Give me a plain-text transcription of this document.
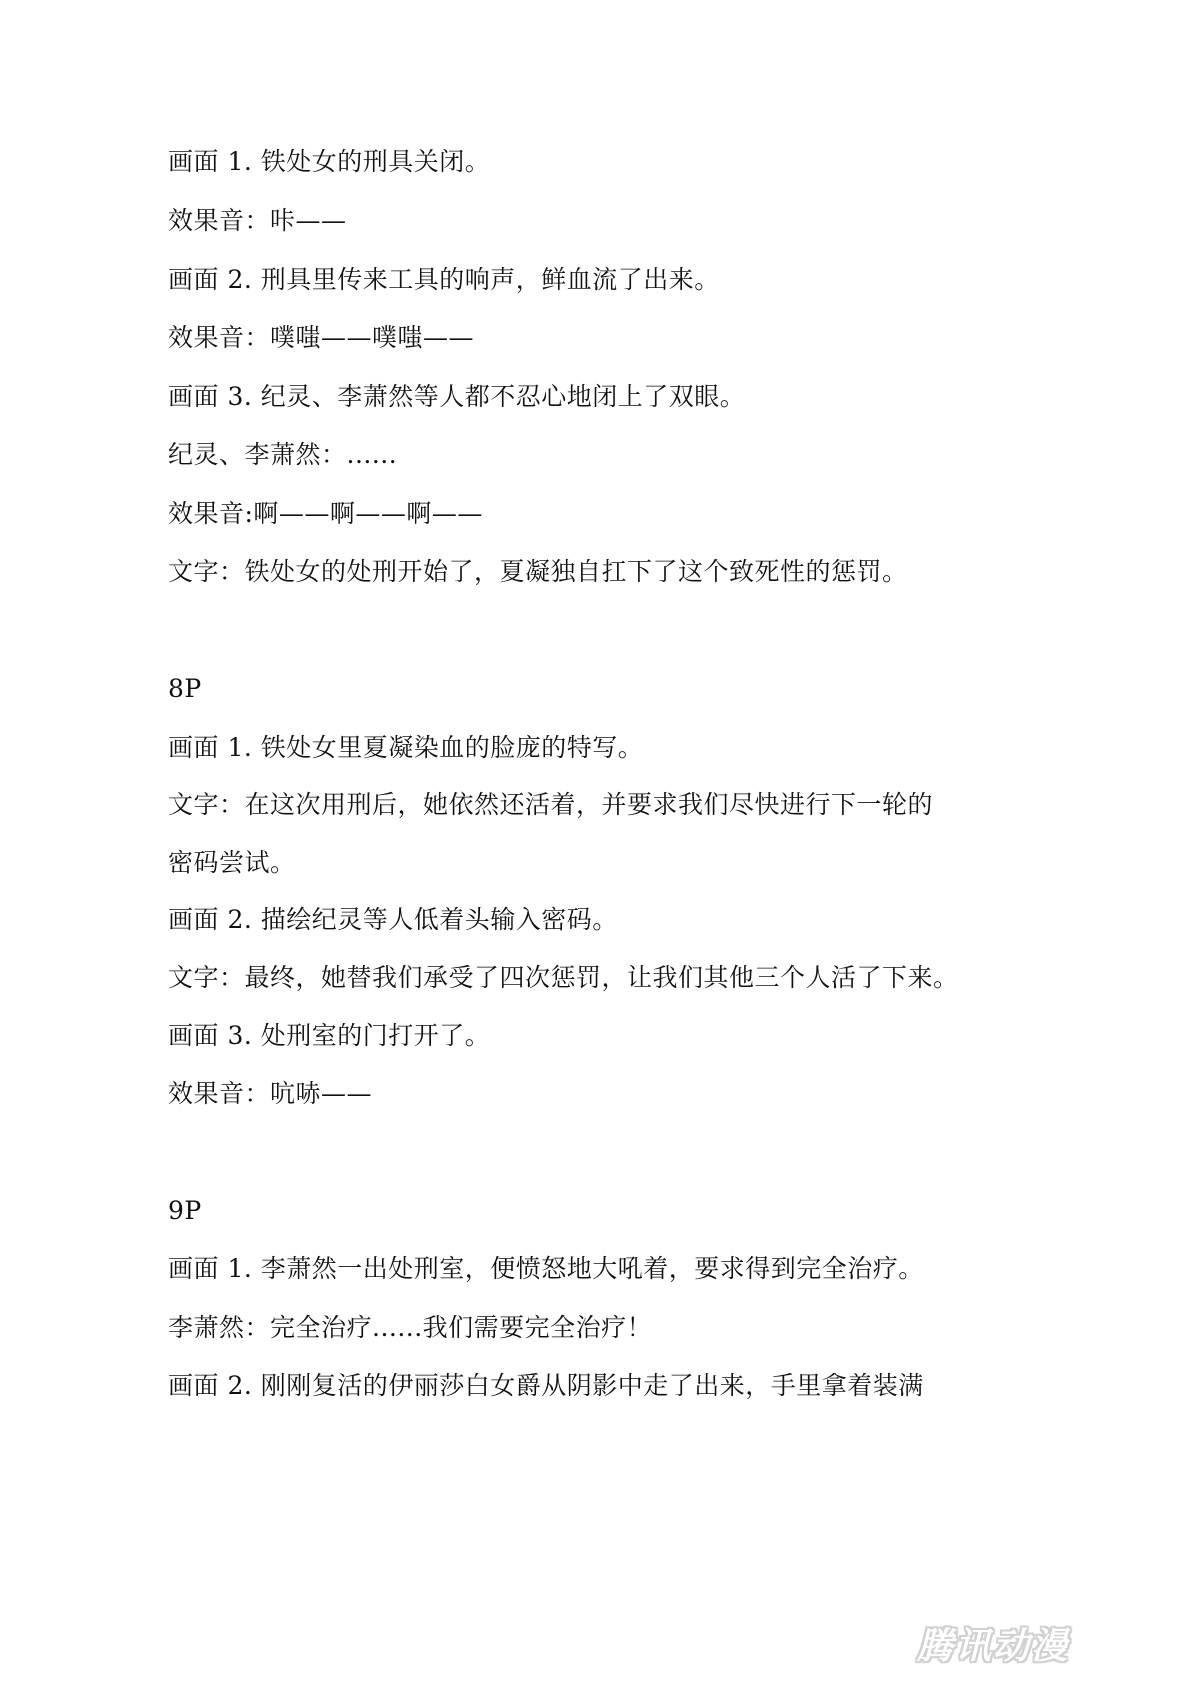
画面 1. 铁处女的刑具关闭。
效果音：咔——
画面 2. 刑具里传来工具的响声，鲜血流了出来。
效果音：噗嗤——噗嗤——
画面 3. 纪灵、李萧然等人都不忍心地闭上了双眼。
纪灵、李萧然：......
效果音:啊——啊——啊——
文字：铁处女的处刑开始了，夏凝独自扛下了这个致死性的惩罚。
8P
画面 1. 铁处女里夏凝染血的脸庞的特写。
文字：在这次用刑后，她依然还活着，并要求我们尽快进行下一轮的
密码尝试。
画面 2. 描绘纪灵等人低着头输入密码。
文字：最终，她替我们承受了四次惩罚，让我们其他三个人活了下来。
画面 3. 处刑室的门打开了。
效果音：吭哧——
9P
画面 1. 李萧然一出处刑室，便愤怒地大吼着，要求得到完全治疗。
李萧然：完全治疗......我们需要完全治疗！
画面 2. 刚刚复活的伊丽莎白女爵从阴影中走了出来，手里拿着装满
腾讯动漫
